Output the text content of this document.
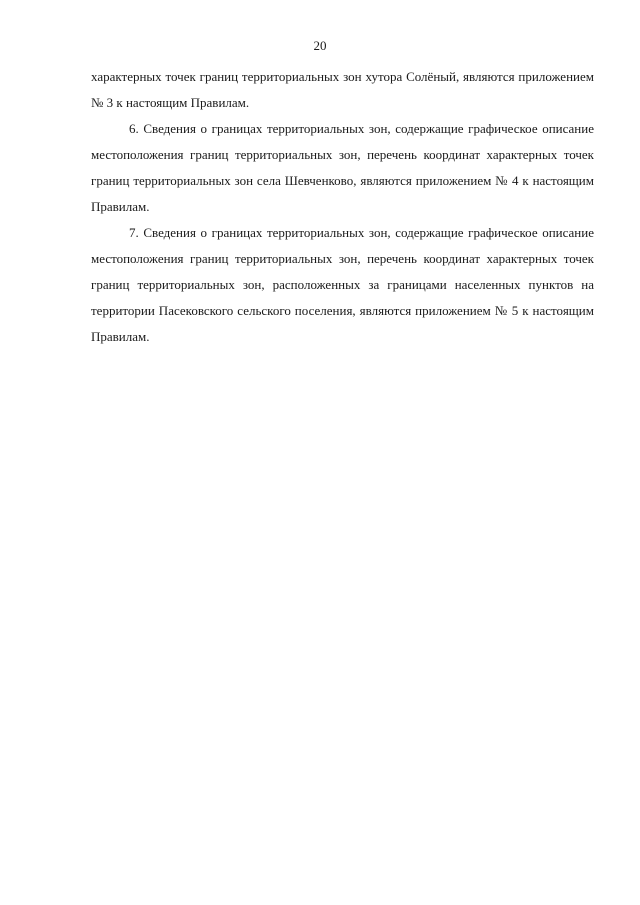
20

характерных точек границ территориальных зон хутора Солёный, являются приложением № 3 к настоящим Правилам.

6. Сведения о границах территориальных зон, содержащие графическое описание местоположения границ территориальных зон, перечень координат характерных точек границ территориальных зон села Шевченково, являются приложением № 4 к настоящим Правилам.

7. Сведения о границах территориальных зон, содержащие графическое описание местоположения границ территориальных зон, перечень координат характерных точек границ территориальных зон, расположенных за границами населенных пунктов на территории Пасековского сельского поселения, являются приложением № 5 к настоящим Правилам.
